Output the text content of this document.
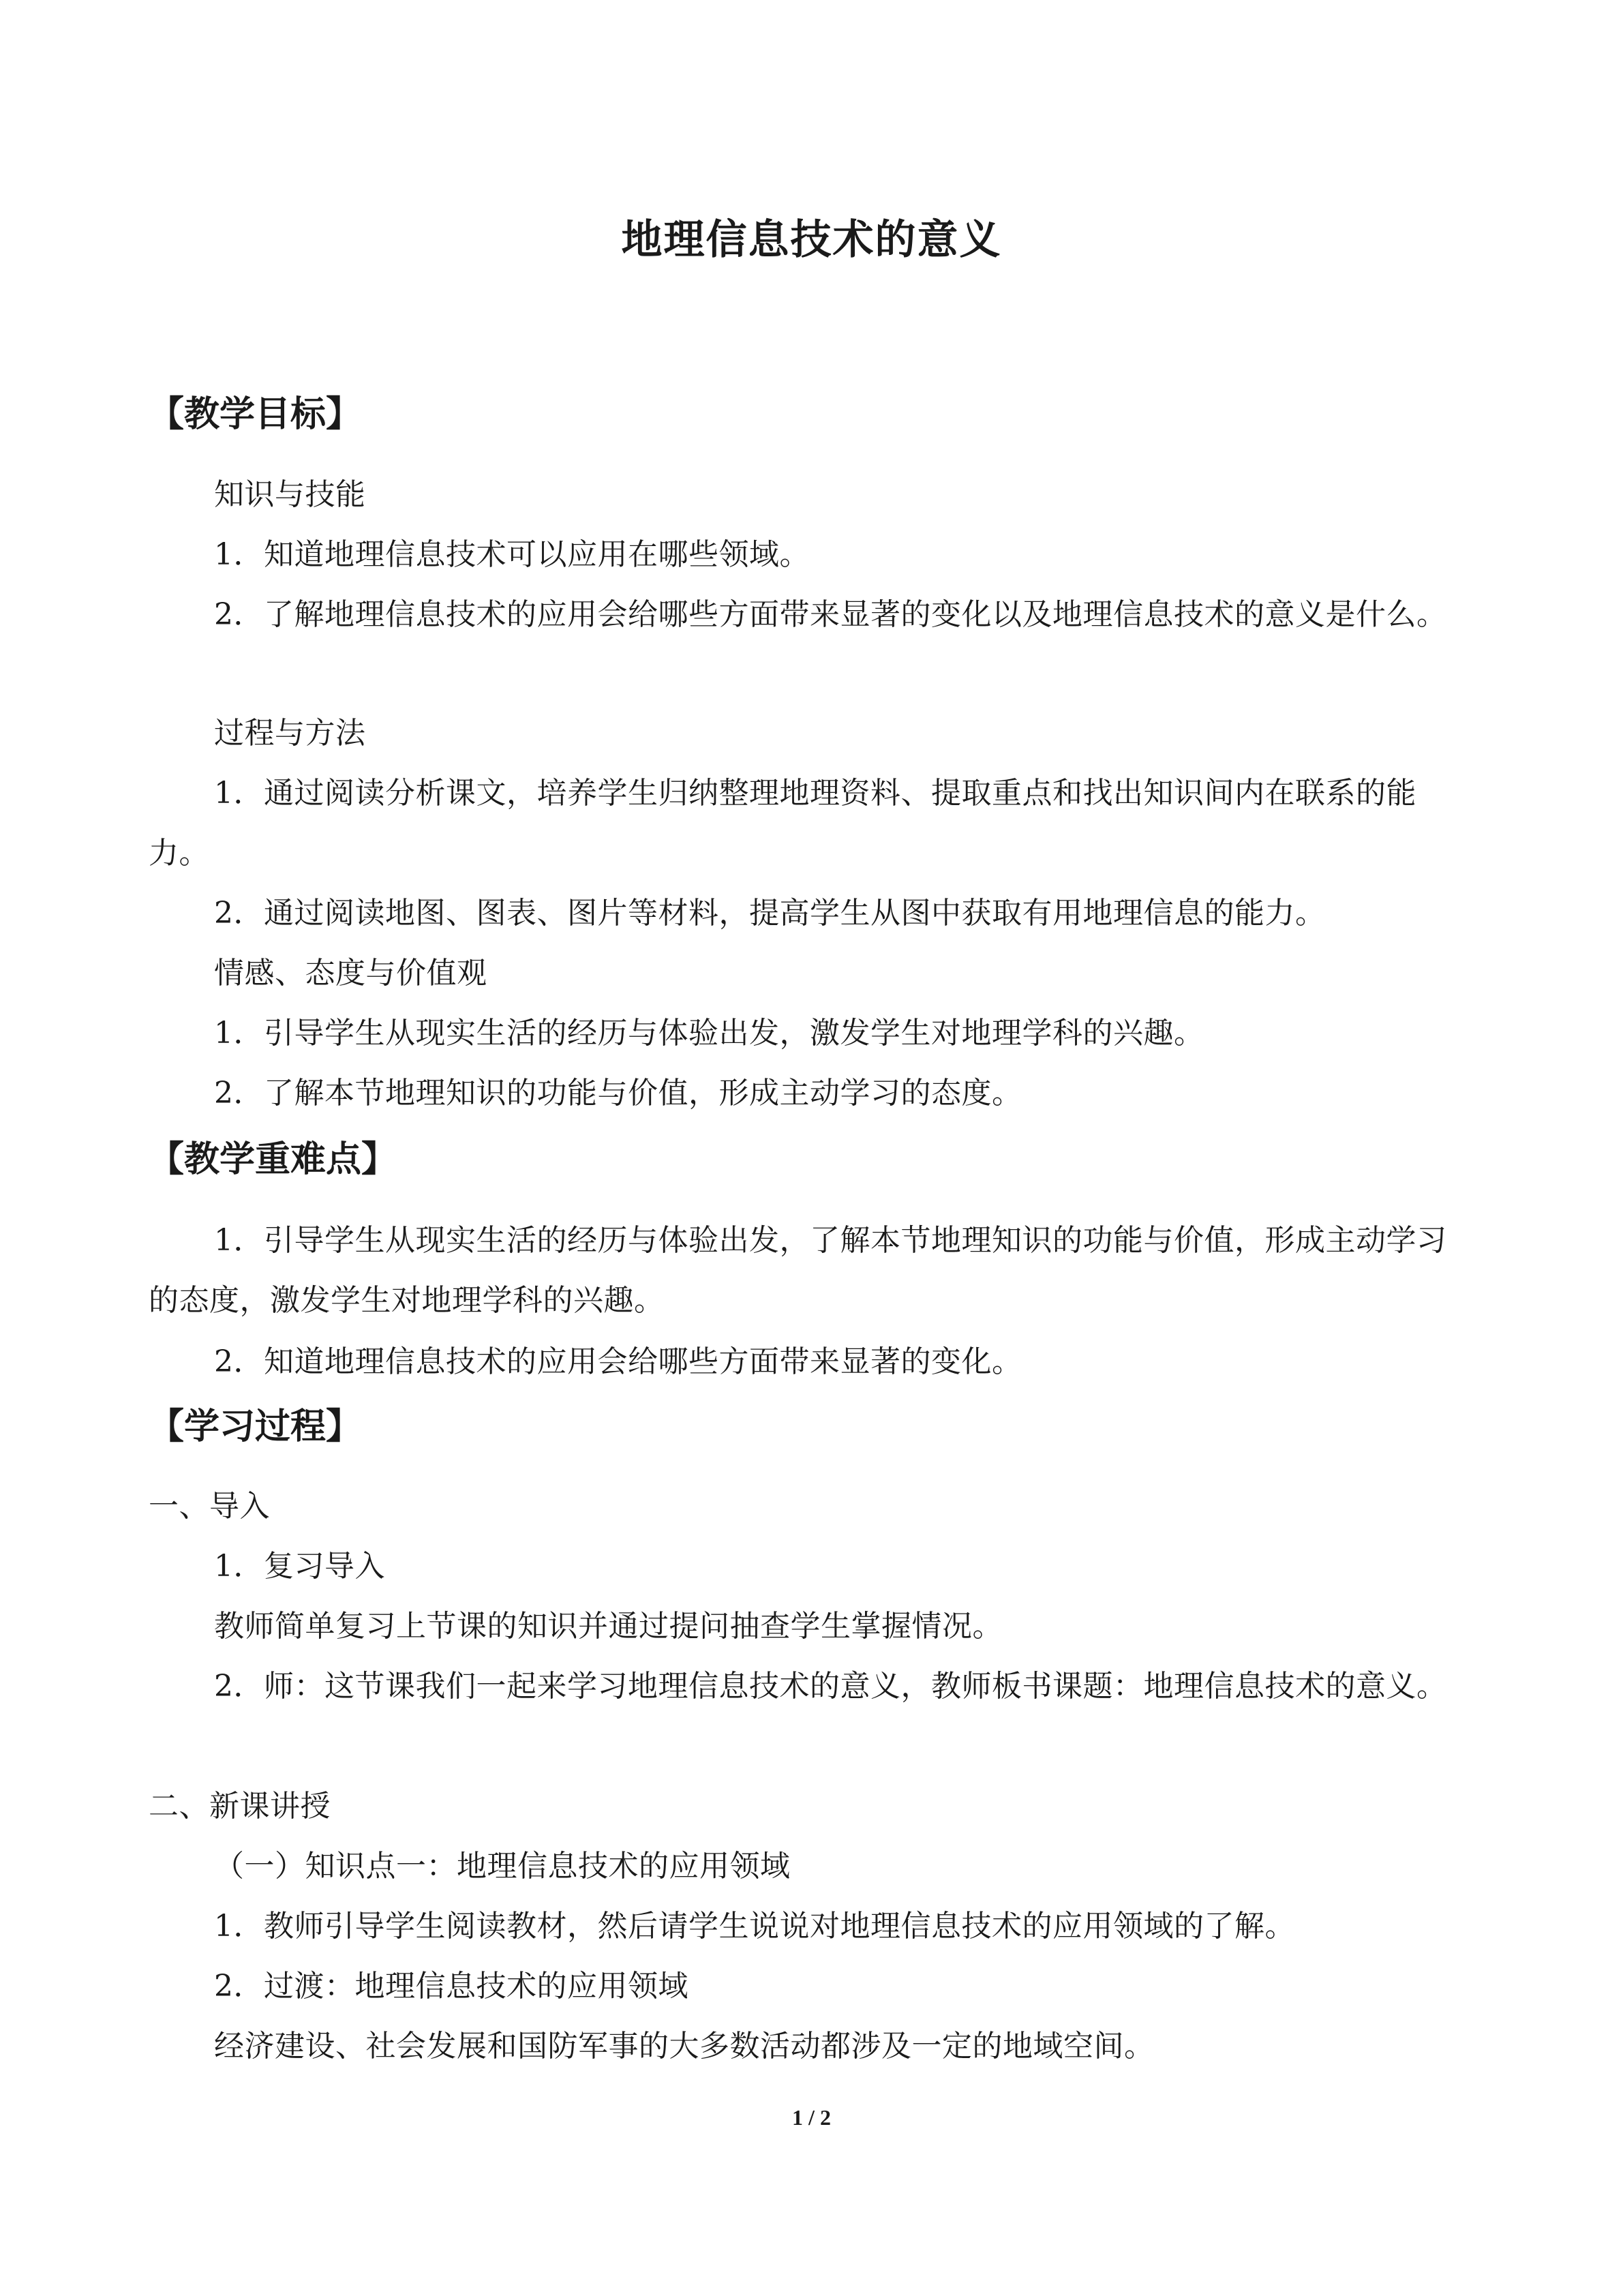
地理信息技术的意义
【教学目标】
知识与技能
1．知道地理信息技术可以应用在哪些领域。
2．了解地理信息技术的应用会给哪些方面带来显著的变化以及地理信息技术的意义是什么。
过程与方法
1．通过阅读分析课文，培养学生归纳整理地理资料、提取重点和找出知识间内在联系的能力。
2．通过阅读地图、图表、图片等材料，提高学生从图中获取有用地理信息的能力。
情感、态度与价值观
1．引导学生从现实生活的经历与体验出发，激发学生对地理学科的兴趣。
2．了解本节地理知识的功能与价值，形成主动学习的态度。
【教学重难点】
1．引导学生从现实生活的经历与体验出发，了解本节地理知识的功能与价值，形成主动学习的态度，激发学生对地理学科的兴趣。
2．知道地理信息技术的应用会给哪些方面带来显著的变化。
【学习过程】
一、导入
1．复习导入
教师简单复习上节课的知识并通过提问抽查学生掌握情况。
2．师：这节课我们一起来学习地理信息技术的意义，教师板书课题：地理信息技术的意义。
二、新课讲授
（一）知识点一：地理信息技术的应用领域
1．教师引导学生阅读教材，然后请学生说说对地理信息技术的应用领域的了解。
2．过渡：地理信息技术的应用领域
经济建设、社会发展和国防军事的大多数活动都涉及一定的地域空间。
1 / 2
